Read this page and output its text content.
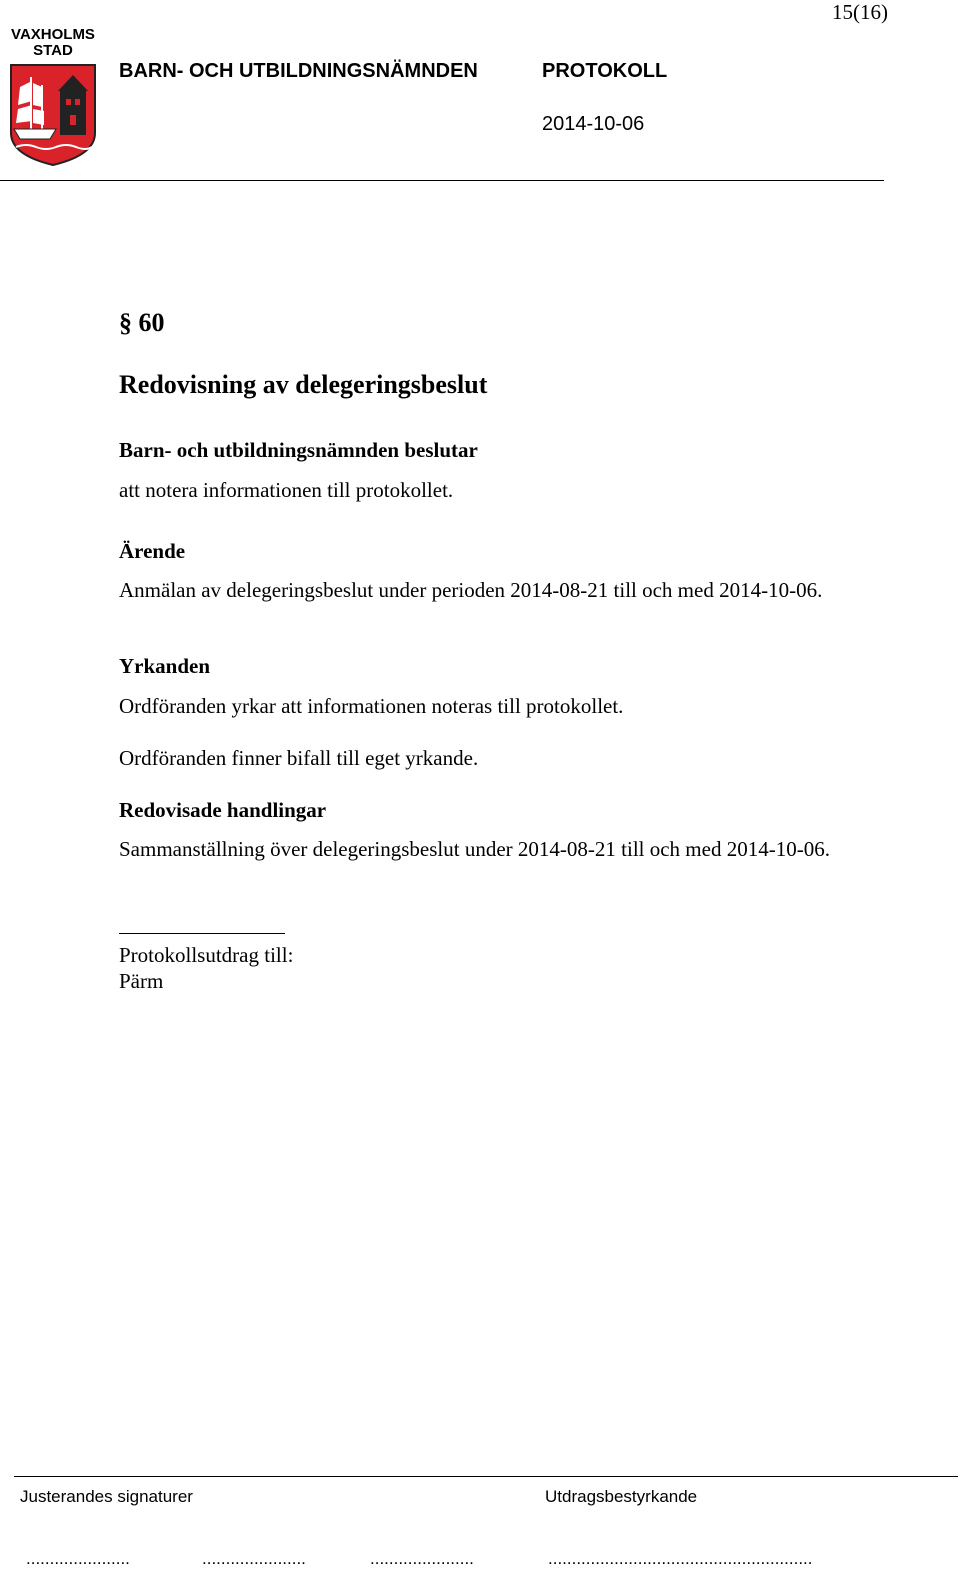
15(16)
VAXHOLMS
STAD
BARN- OCH UTBILDNINGSNÄMNDEN	PROTOKOLL
2014-10-06
§ 60
Redovisning av delegeringsbeslut
Barn- och utbildningsnämnden beslutar
att notera informationen till protokollet.
Ärende
Anmälan av delegeringsbeslut under perioden 2014-08-21 till och med 2014-10-06.
Yrkanden
Ordföranden yrkar att informationen noteras till protokollet.
Ordföranden finner bifall till eget yrkande.
Redovisade handlingar
Sammanställning över delegeringsbeslut under 2014-08-21 till och med 2014-10-06.
Protokollsutdrag till:
Pärm
Justerandes signaturer	Utdragsbestyrkande
......................	......................	......................	........................................................
